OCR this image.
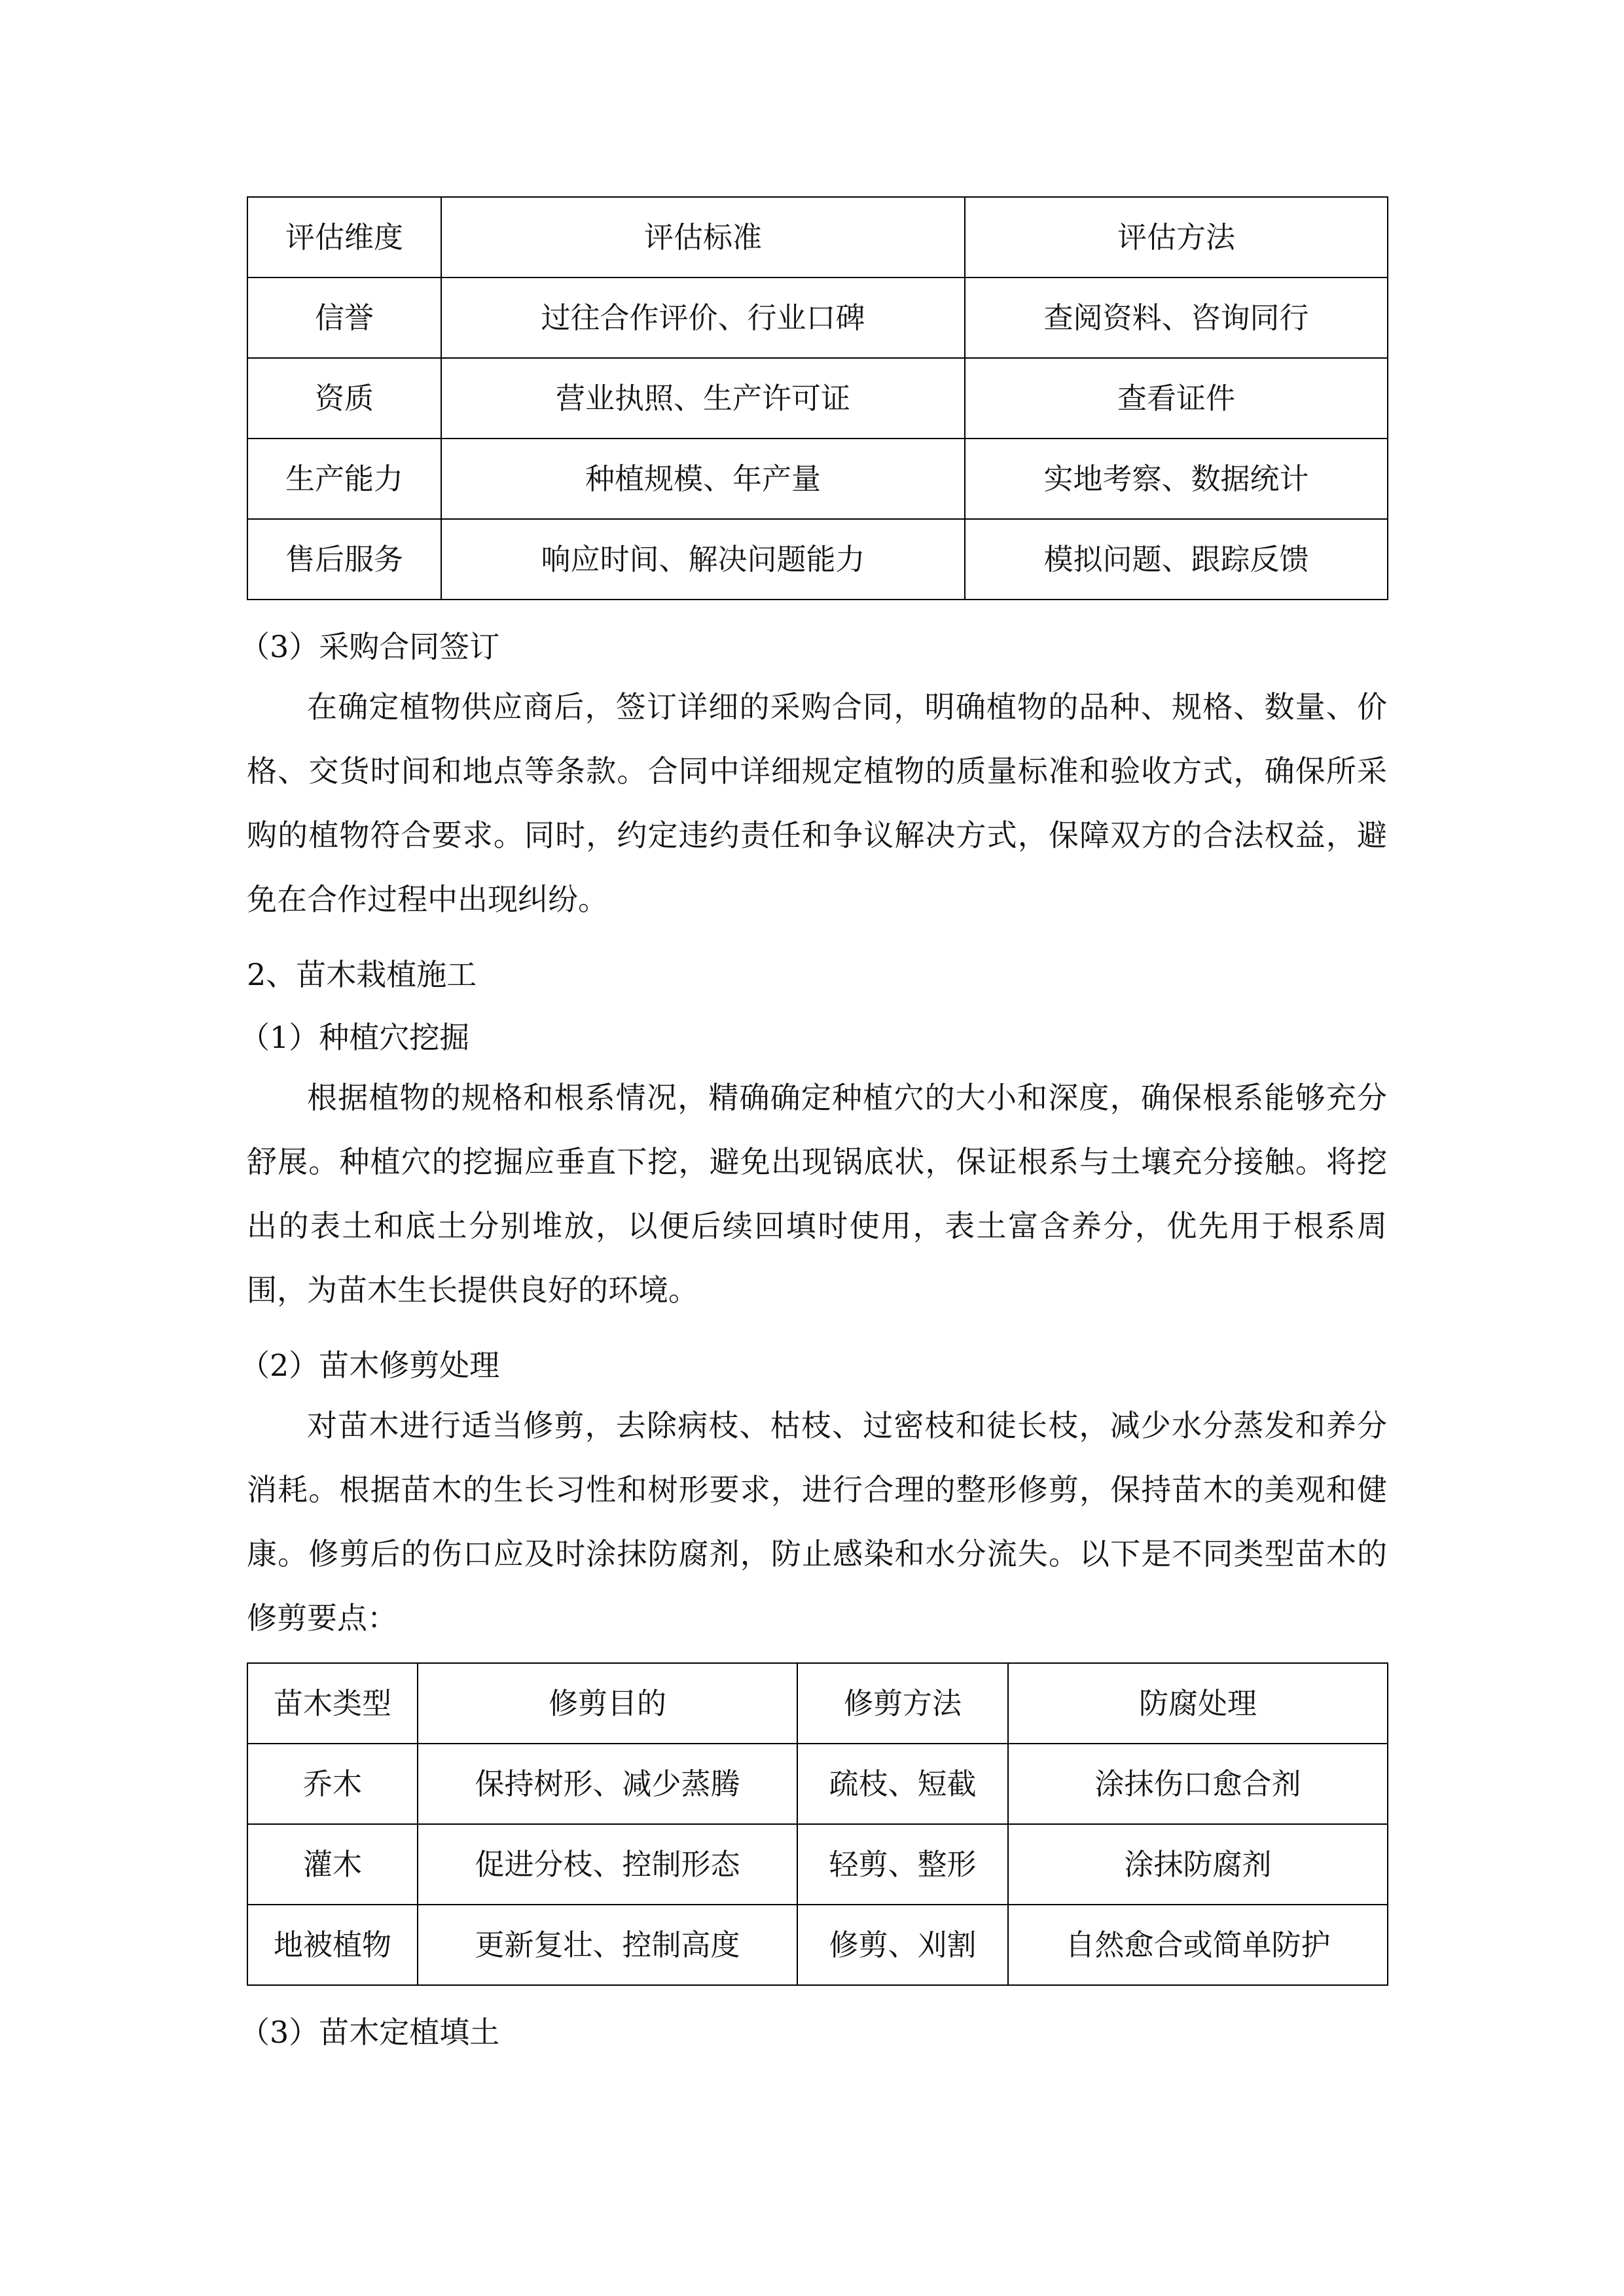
评估维度	评估标准	评估方法
信誉	过往合作评价、行业口碑	查阅资料、咨询同行
资质	营业执照、生产许可证	查看证件
生产能力	种植规模、年产量	实地考察、数据统计
售后服务	响应时间、解决问题能力	模拟问题、跟踪反馈
（3）采购合同签订

在确定植物供应商后，签订详细的采购合同，明确植物的品种、规格、数量、价格、交货时间和地点等条款。合同中详细规定植物的质量标准和验收方式，确保所采购的植物符合要求。同时，约定违约责任和争议解决方式，保障双方的合法权益，避免在合作过程中出现纠纷。

2、苗木栽植施工
（1）种植穴挖掘

根据植物的规格和根系情况，精确确定种植穴的大小和深度，确保根系能够充分舒展。种植穴的挖掘应垂直下挖，避免出现锅底状，保证根系与土壤充分接触。将挖出的表土和底土分别堆放，以便后续回填时使用，表土富含养分，优先用于根系周围，为苗木生长提供良好的环境。

（2）苗木修剪处理

对苗木进行适当修剪，去除病枝、枯枝、过密枝和徒长枝，减少水分蒸发和养分消耗。根据苗木的生长习性和树形要求，进行合理的整形修剪，保持苗木的美观和健康。修剪后的伤口应及时涂抹防腐剂，防止感染和水分流失。以下是不同类型苗木的修剪要点：

苗木类型	修剪目的	修剪方法	防腐处理
乔木	保持树形、减少蒸腾	疏枝、短截	涂抹伤口愈合剂
灌木	促进分枝、控制形态	轻剪、整形	涂抹防腐剂
地被植物	更新复壮、控制高度	修剪、刈割	自然愈合或简单防护
（3）苗木定植填土
